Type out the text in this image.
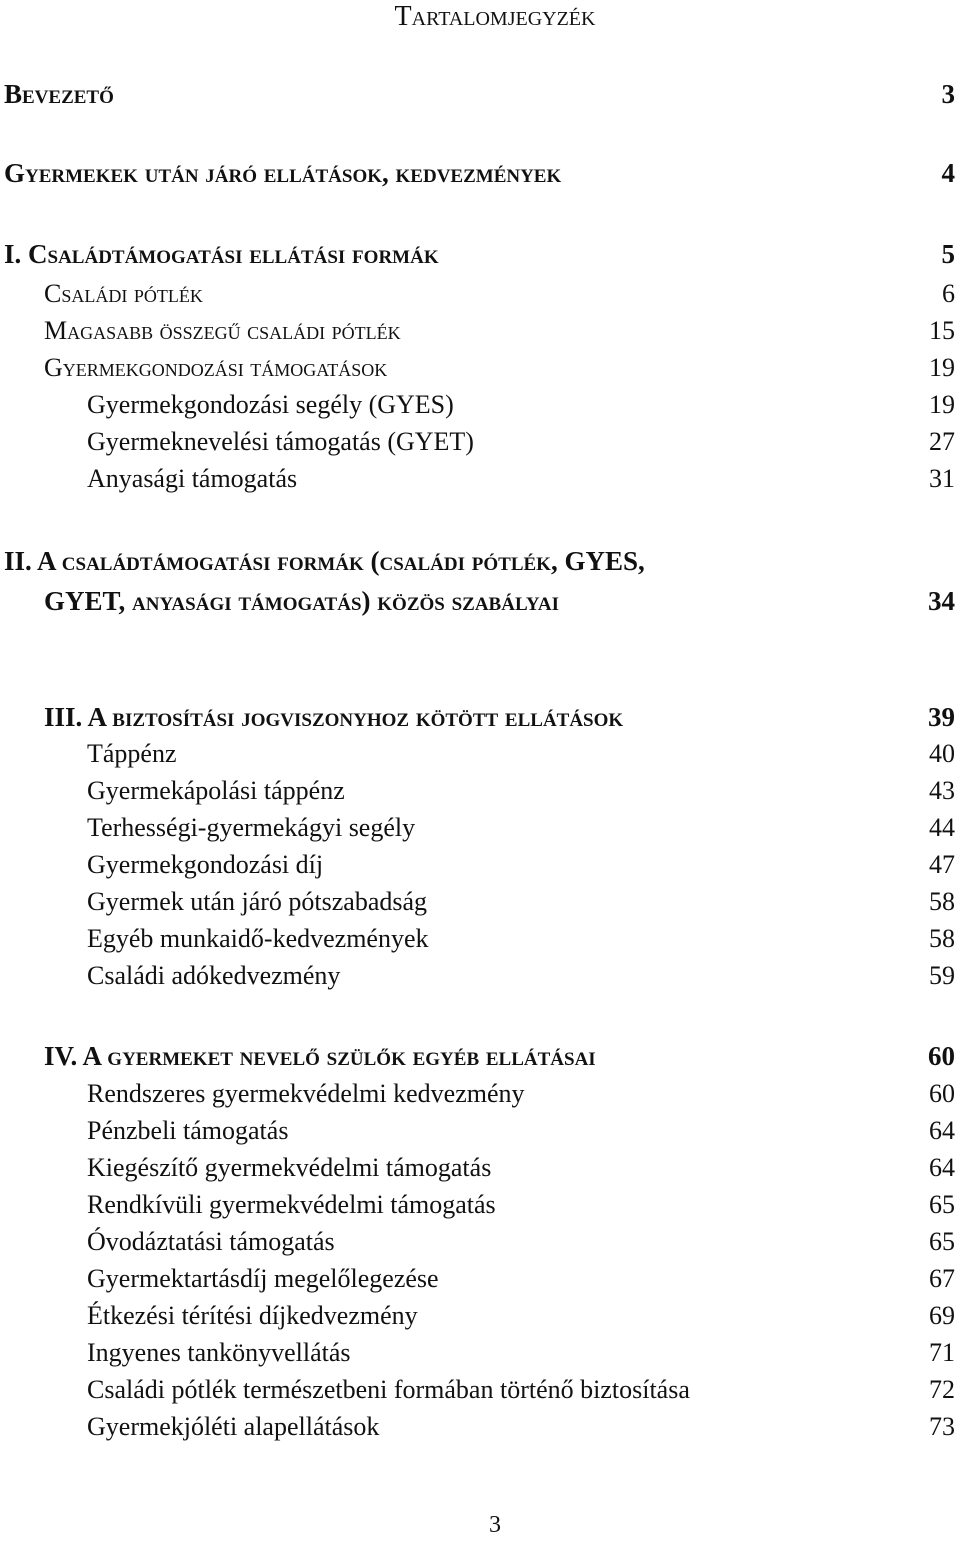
Tartalomjegyzék
Bevezető	3
Gyermekek után járó ellátások, kedvezmények	4
I. Családtámogatási ellátási formák	5
Családi pótlék	6
Magasabb összegű családi pótlék	15
Gyermekgondozási támogatások	19
Gyermekgondozási segély (GYES)	19
Gyermeknevelési támogatás (GYET)	27
Anyasági támogatás	31
II. A családtámogatási formák (családi pótlék, GYES,
GYET, anyasági támogatás) közös szabályai	34
III. A biztosítási jogviszonyhoz kötött ellátások	39
Táppénz	40
Gyermekápolási táppénz	43
Terhességi-gyermekágyi segély	44
Gyermekgondozási díj	47
Gyermek után járó pótszabadság	58
Egyéb munkaidő-kedvezmények	58
Családi adókedvezmény	59
IV. A gyermeket nevelő szülők egyéb ellátásai	60
Rendszeres gyermekvédelmi kedvezmény	60
Pénzbeli támogatás	64
Kiegészítő gyermekvédelmi támogatás	64
Rendkívüli gyermekvédelmi támogatás	65
Óvodáztatási támogatás	65
Gyermektartásdíj megelőlegezése	67
Étkezési térítési díjkedvezmény	69
Ingyenes tankönyvellátás	71
Családi pótlék természetbeni formában történő biztosítása	72
Gyermekjóléti alapellátások	73
3
